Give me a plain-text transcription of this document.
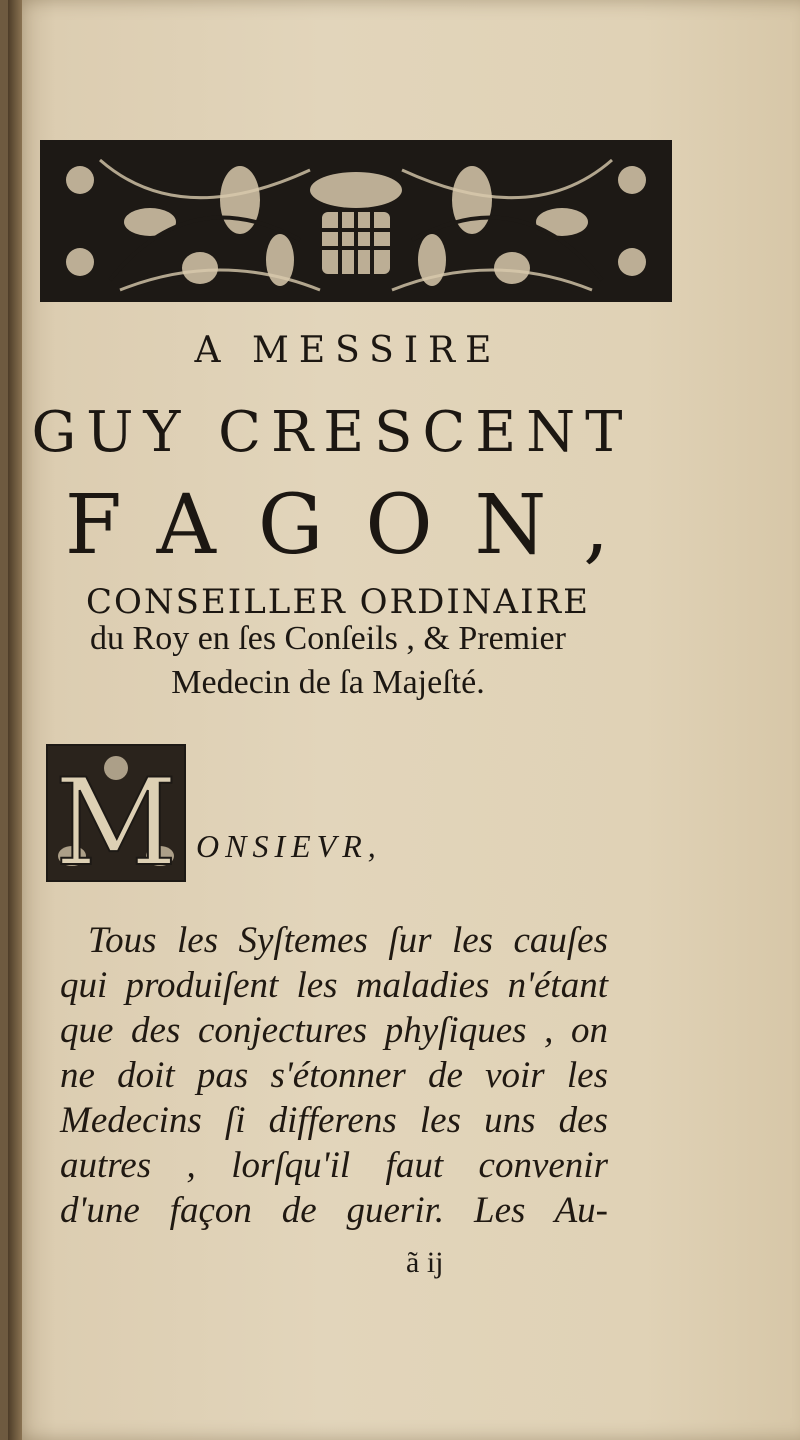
A MESSIRE
GUY CRESCENT
FAGON,
CONSEILLER ORDINAIRE
du Roy en ſes Conſeils , & Premier
Medecin de ſa Majeſté.
M ONSIEVR,
Tous les Syſtemes ſur les cauſes
qui produiſent les maladies n'étant
que des conjectures phyſiques , on
ne doit pas s'étonner de voir les
Medecins ſi differens les uns des
autres , lorſqu'il faut convenir
d'une façon de guerir. Les Au-
ã ij
